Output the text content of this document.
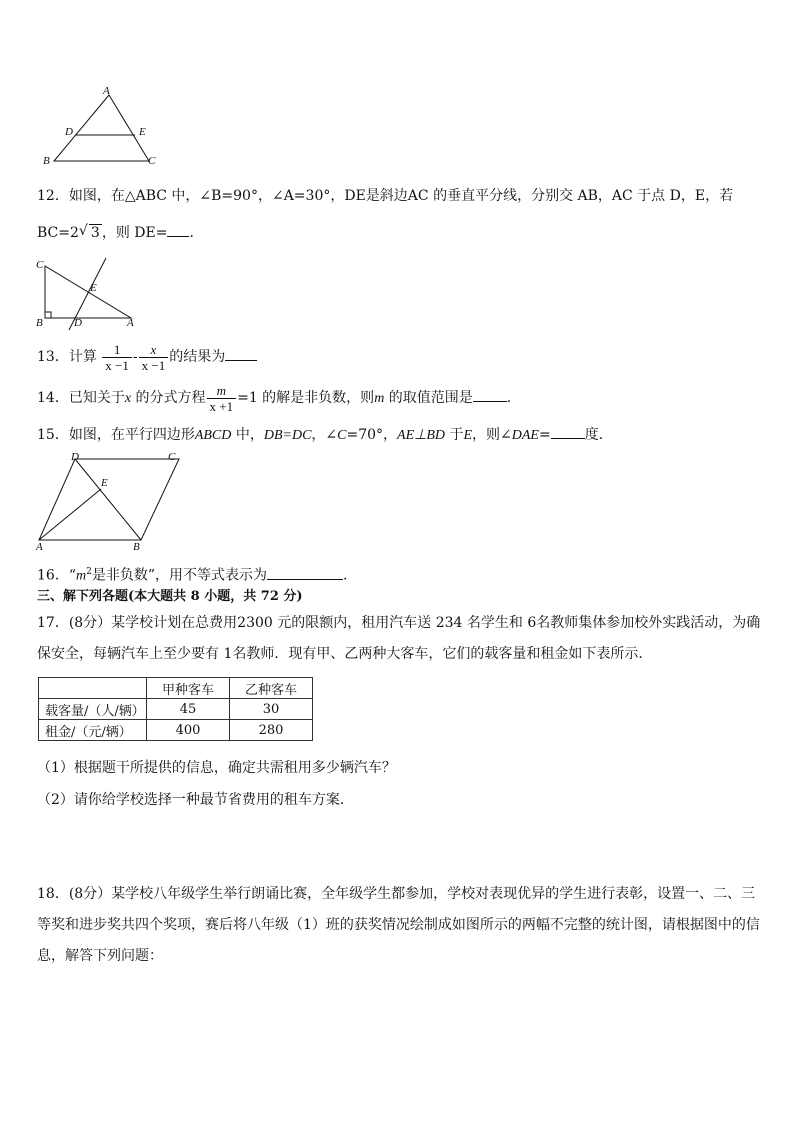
A
D	E
B	C
12．如图，在△ABC 中，∠B=90°，∠A=30°，DE是斜边AC 的垂直平分线，分别交 AB，AC 于点 D，E，若
BC=2 √ 3 ，则 DE= .
C
E
B	D	A
13．计算 $\frac{1}{x -1} - \frac{x}{x -1}$ 的结果为
14．已知关于x 的分式方程 $\frac{m}{x +1} =1$ 的解是非负数，则m 的取值范围是 .
15．如图，在平行四边形ABCD 中，DB=DC，∠C=70°，AE⊥BD 于E，则∠DAE= 度.
D	C
E
A	B
16．“$m^2$是非负数”，用不等式表示为	.
三、解下列各题(本大题共 8 小题，共 72 分)
17．(8分）某学校计划在总费用2300 元的限额内，租用汽车送 234 名学生和 6名教师集体参加校外实践活动，为确
保安全，每辆汽车上至少要有 1名教师．现有甲、乙两种大客车，它们的载客量和租金如下表所示．
	甲种客车	乙种客车
载客量/（人/辆）	45	30
租金/（元/辆）	400	280
（1）根据题干所提供的信息，确定共需租用多少辆汽车？
（2）请你给学校选择一种最节省费用的租车方案．
18．(8分）某学校八年级学生举行朗诵比赛，全年级学生都参加，学校对表现优异的学生进行表彰，设置一、二、三
等奖和进步奖共四个奖项，赛后将八年级（1）班的获奖情况绘制成如图所示的两幅不完整的统计图，请根据图中的信
息，解答下列问题：
